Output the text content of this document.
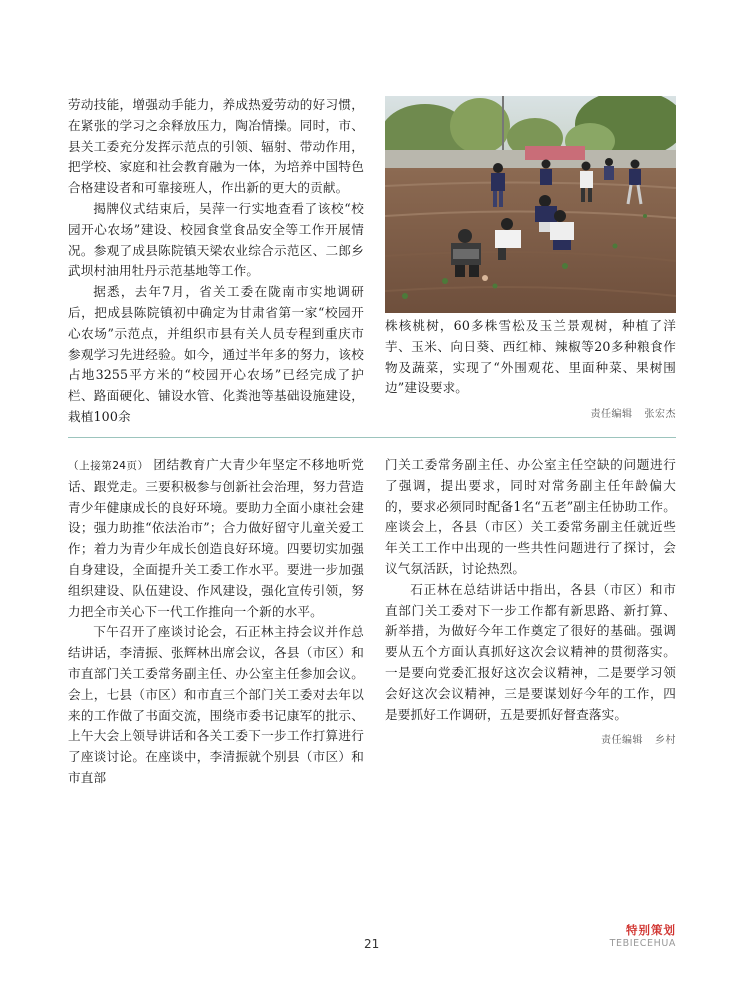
劳动技能，增强动手能力，养成热爱劳动的好习惯，在紧张的学习之余释放压力，陶冶情操。同时，市、县关工委充分发挥示范点的引领、辐射、带动作用，把学校、家庭和社会教育融为一体，为培养中国特色合格建设者和可靠接班人，作出新的更大的贡献。

揭牌仪式结束后，吴萍一行实地查看了该校“校园开心农场”建设、校园食堂食品安全等工作开展情况。参观了成县陈院镇天梁农业综合示范区、二郎乡武坝村油用牡丹示范基地等工作。

据悉，去年7月，省关工委在陇南市实地调研后，把成县陈院镇初中确定为甘肃省第一家“校园开心农场”示范点，并组织市县有关人员专程到重庆市参观学习先进经验。如今，通过半年多的努力，该校占地3255平方米的“校园开心农场”已经完成了护栏、路面硬化、铺设水管、化粪池等基础设施建设，栽植100余

株核桃树，60多株雪松及玉兰景观树，种植了洋芋、玉米、向日葵、西红柿、辣椒等20多种粮食作物及蔬菜，实现了“外围观花、里面种菜、果树围边”建设要求。

责任编辑 张宏杰

（上接第24页） 团结教育广大青少年坚定不移地听党话、跟党走。三要积极参与创新社会治理，努力营造青少年健康成长的良好环境。要助力全面小康社会建设；强力助推“依法治市”；合力做好留守儿童关爱工作；着力为青少年成长创造良好环境。四要切实加强自身建设，全面提升关工委工作水平。要进一步加强组织建设、队伍建设、作风建设，强化宣传引领，努力把全市关心下一代工作推向一个新的水平。

下午召开了座谈讨论会，石正林主持会议并作总结讲话，李清振、张辉林出席会议，各县（市区）和市直部门关工委常务副主任、办公室主任参加会议。会上，七县（市区）和市直三个部门关工委对去年以来的工作做了书面交流，围绕市委书记康军的批示、上午大会上领导讲话和各关工委下一步工作打算进行了座谈讨论。在座谈中，李清振就个别县（市区）和市直部

门关工委常务副主任、办公室主任空缺的问题进行了强调，提出要求，同时对常务副主任年龄偏大的，要求必须同时配备1名“五老”副主任协助工作。座谈会上，各县（市区）关工委常务副主任就近些年关工工作中出现的一些共性问题进行了探讨，会议气氛活跃，讨论热烈。

石正林在总结讲话中指出，各县（市区）和市直部门关工委对下一步工作都有新思路、新打算、新举措，为做好今年工作奠定了很好的基础。强调要从五个方面认真抓好这次会议精神的贯彻落实。一是要向党委汇报好这次会议精神，二是要学习领会好这次会议精神，三是要谋划好今年的工作，四是要抓好工作调研，五是要抓好督查落实。

责任编辑 乡村

21
特别策划
TEBIECEHUA
